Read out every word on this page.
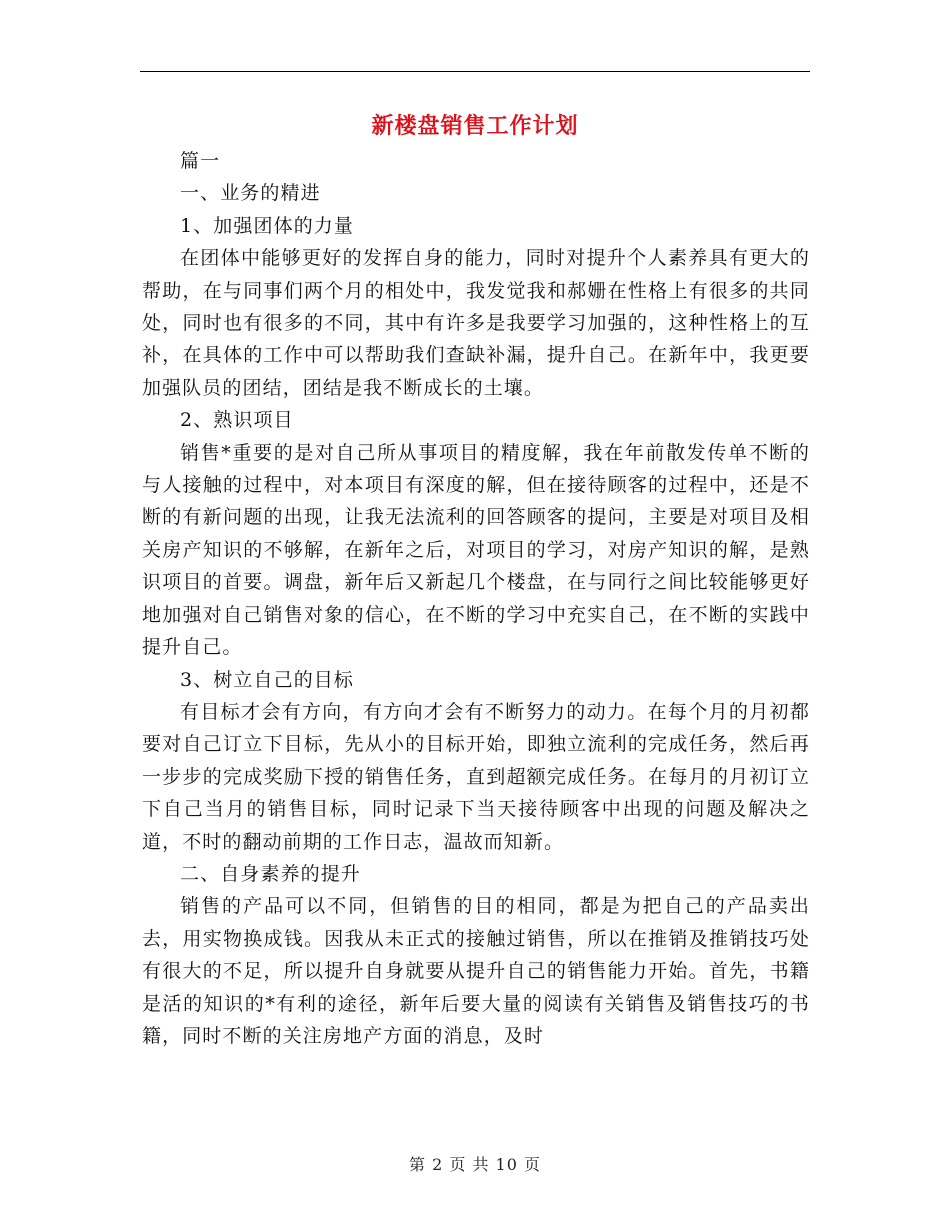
新楼盘销售工作计划

篇一

一、业务的精进

1、加强团体的力量

在团体中能够更好的发挥自身的能力，同时对提升个人素养具有更大的帮助，在与同事们两个月的相处中，我发觉我和郝姗在性格上有很多的共同处，同时也有很多的不同，其中有许多是我要学习加强的，这种性格上的互补，在具体的工作中可以帮助我们查缺补漏，提升自己。在新年中，我更要加强队员的团结，团结是我不断成长的土壤。

2、熟识项目

销售*重要的是对自己所从事项目的精度解，我在年前散发传单不断的与人接触的过程中，对本项目有深度的解，但在接待顾客的过程中，还是不断的有新问题的出现，让我无法流利的回答顾客的提问，主要是对项目及相关房产知识的不够解，在新年之后，对项目的学习，对房产知识的解，是熟识项目的首要。调盘，新年后又新起几个楼盘，在与同行之间比较能够更好地加强对自己销售对象的信心，在不断的学习中充实自己，在不断的实践中提升自己。

3、树立自己的目标

有目标才会有方向，有方向才会有不断努力的动力。在每个月的月初都要对自己订立下目标，先从小的目标开始，即独立流利的完成任务，然后再一步步的完成奖励下授的销售任务，直到超额完成任务。在每月的月初订立下自己当月的销售目标，同时记录下当天接待顾客中出现的问题及解决之道，不时的翻动前期的工作日志，温故而知新。

二、自身素养的提升

销售的产品可以不同，但销售的目的相同，都是为把自己的产品卖出去，用实物换成钱。因我从未正式的接触过销售，所以在推销及推销技巧处有很大的不足，所以提升自身就要从提升自己的销售能力开始。首先，书籍是活的知识的*有利的途径，新年后要大量的阅读有关销售及销售技巧的书籍，同时不断的关注房地产方面的消息，及时

第 2 页 共 10 页
